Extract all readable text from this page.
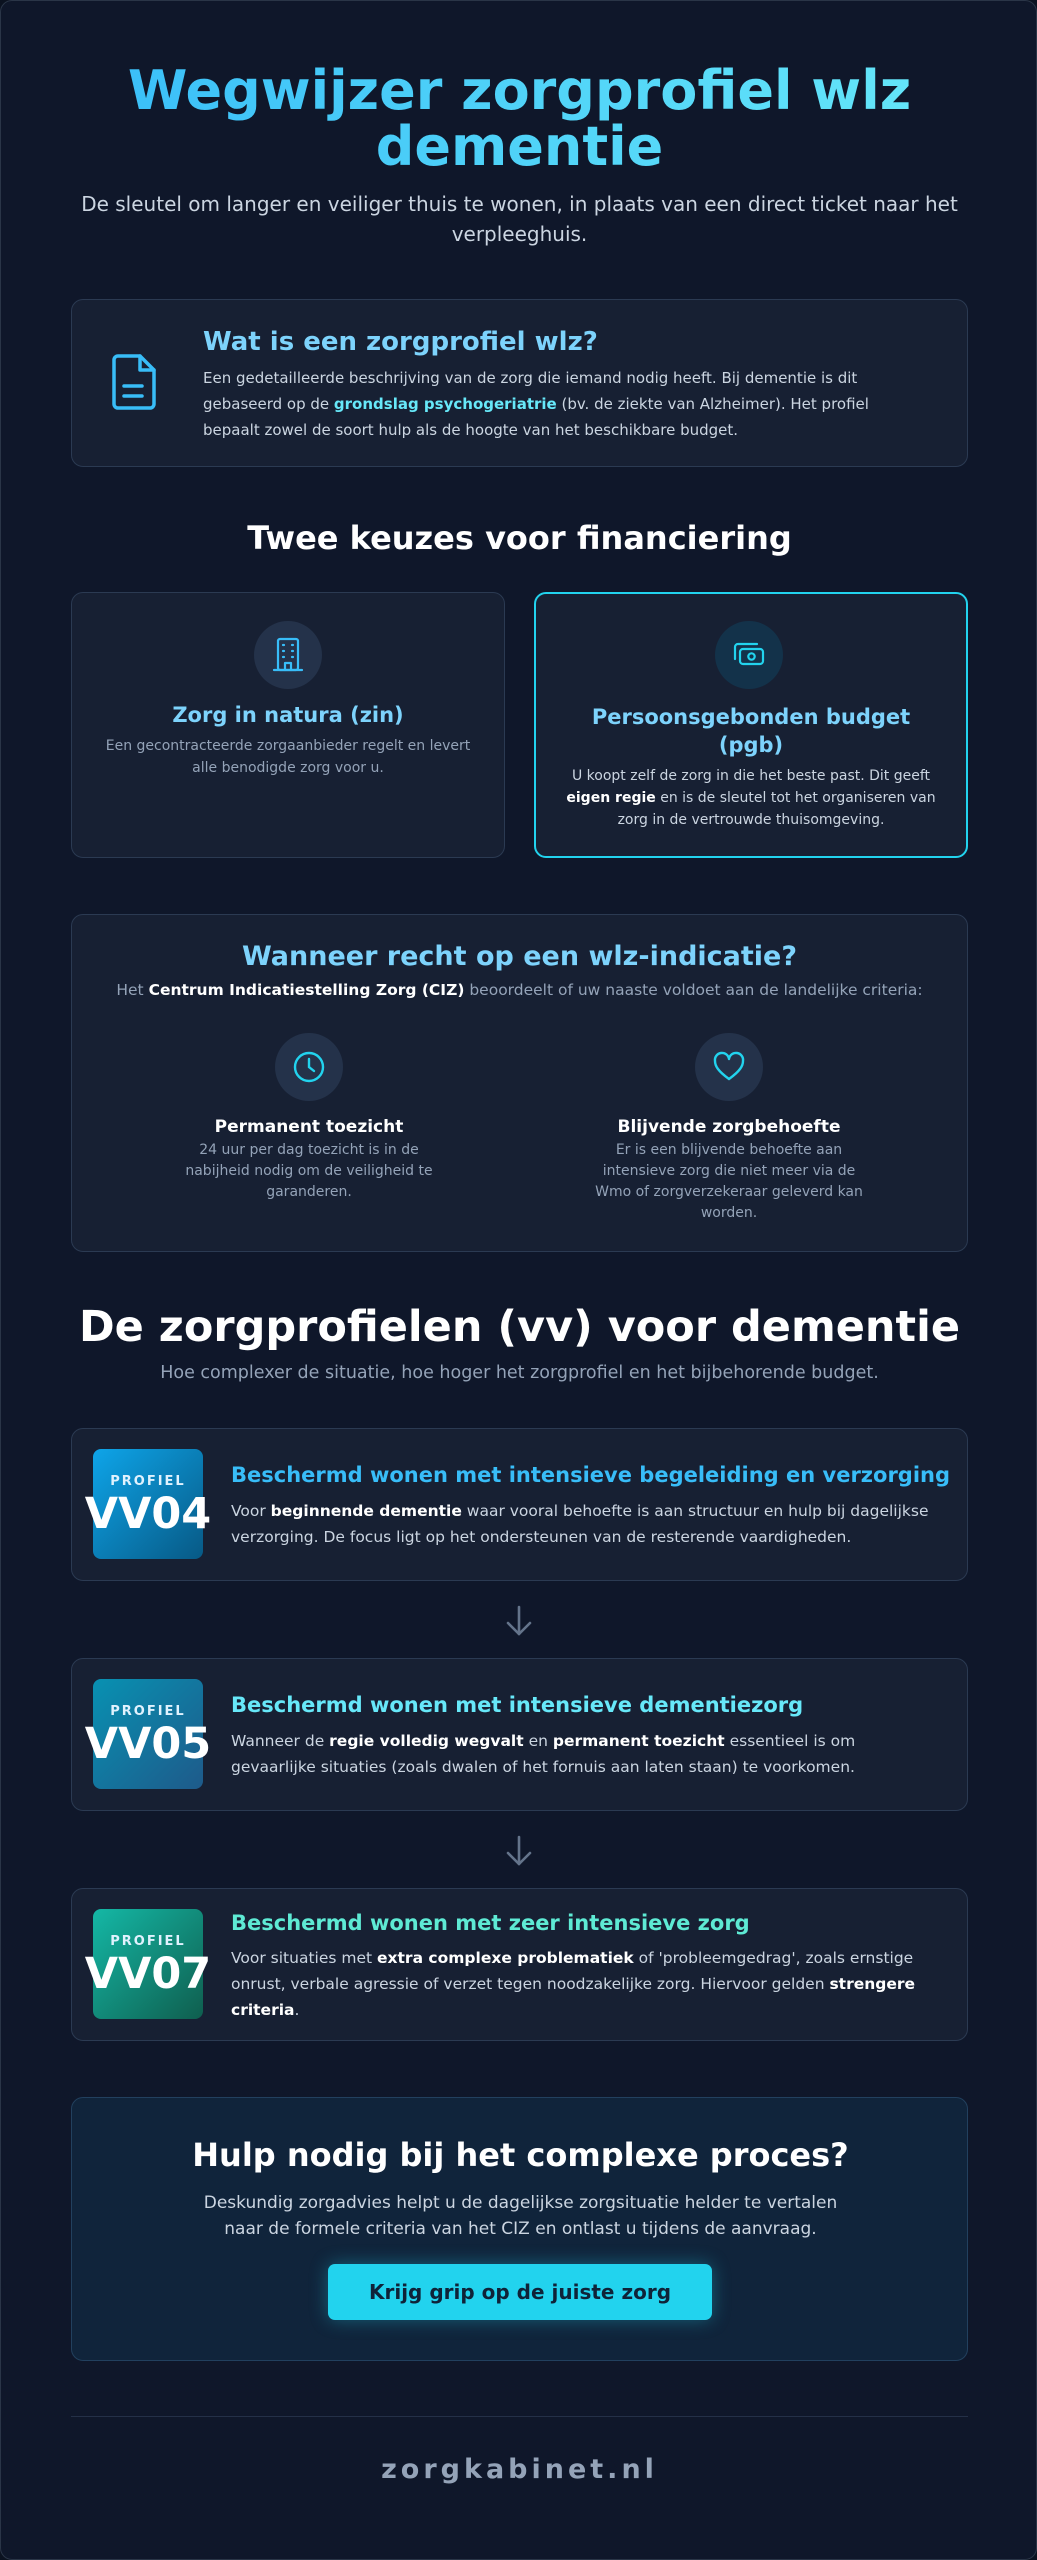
Wegwijzer zorgprofiel wlz dementie
De sleutel om langer en veiliger thuis te wonen, in plaats van een direct ticket naar het verpleeghuis.
Wat is een zorgprofiel wlz?
Een gedetailleerde beschrijving van de zorg die iemand nodig heeft. Bij dementie is dit gebaseerd op de grondslag psychogeriatrie (bv. de ziekte van Alzheimer). Het profiel bepaalt zowel de soort hulp als de hoogte van het beschikbare budget.
Twee keuzes voor financiering
Zorg in natura (zin)
Een gecontracteerde zorgaanbieder regelt en levert alle benodigde zorg voor u.
Persoonsgebonden budget (pgb)
U koopt zelf de zorg in die het beste past. Dit geeft eigen regie en is de sleutel tot het organiseren van zorg in de vertrouwde thuisomgeving.
Wanneer recht op een wlz-indicatie?
Het Centrum Indicatiestelling Zorg (CIZ) beoordeelt of uw naaste voldoet aan de landelijke criteria:
Permanent toezicht
24 uur per dag toezicht is in de nabijheid nodig om de veiligheid te garanderen.
Blijvende zorgbehoefte
Er is een blijvende behoefte aan intensieve zorg die niet meer via de Wmo of zorgverzekeraar geleverd kan worden.
De zorgprofielen (vv) voor dementie
Hoe complexer de situatie, hoe hoger het zorgprofiel en het bijbehorende budget.
PROFIEL
VV04
Beschermd wonen met intensieve begeleiding en verzorging
Voor beginnende dementie waar vooral behoefte is aan structuur en hulp bij dagelijkse verzorging. De focus ligt op het ondersteunen van de resterende vaardigheden.
PROFIEL
VV05
Beschermd wonen met intensieve dementiezorg
Wanneer de regie volledig wegvalt en permanent toezicht essentieel is om gevaarlijke situaties (zoals dwalen of het fornuis aan laten staan) te voorkomen.
PROFIEL
VV07
Beschermd wonen met zeer intensieve zorg
Voor situaties met extra complexe problematiek of 'probleemgedrag', zoals ernstige onrust, verbale agressie of verzet tegen noodzakelijke zorg. Hiervoor gelden strengere criteria.
Hulp nodig bij het complexe proces?
Deskundig zorgadvies helpt u de dagelijkse zorgsituatie helder te vertalen naar de formele criteria van het CIZ en ontlast u tijdens de aanvraag.
Krijg grip op de juiste zorg
zorgkabinet.nl
